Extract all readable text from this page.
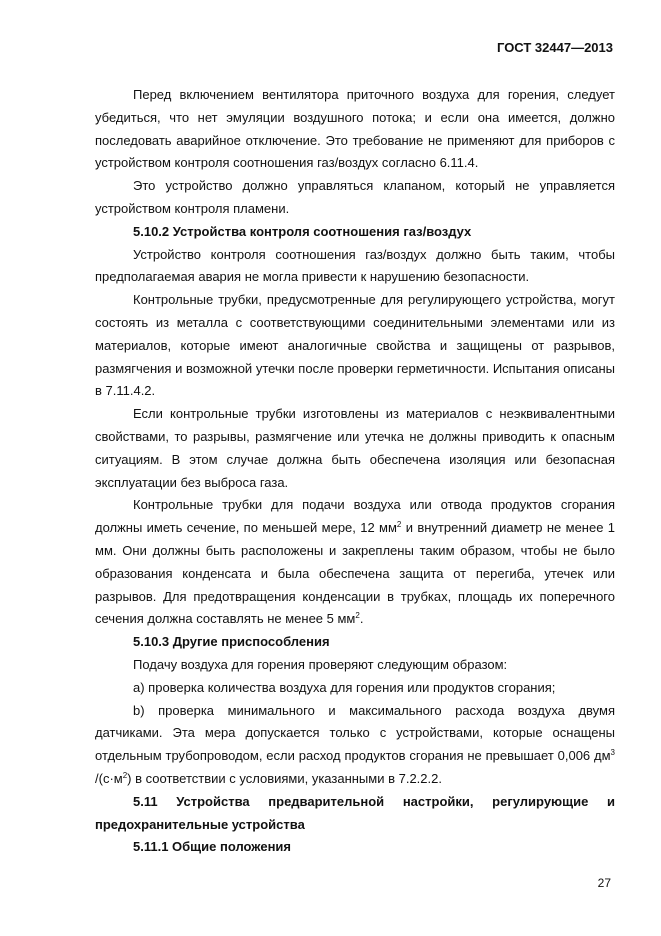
ГОСТ 32447—2013

Перед включением вентилятора приточного воздуха для горения, следует убедиться, что нет эмуляции воздушного потока; и если она имеется, должно последовать аварийное отключение. Это требование не применяют для приборов с устройством контроля соотношения газ/воздух согласно 6.11.4.

Это устройство должно управляться клапаном, который не управляется устройством контроля пламени.

5.10.2 Устройства контроля соотношения газ/воздух

Устройство контроля соотношения газ/воздух должно быть таким, чтобы предполагаемая авария не могла привести к нарушению безопасности.

Контрольные трубки, предусмотренные для регулирующего устройства, могут состоять из металла с соответствующими соединительными элементами или из материалов, которые имеют аналогичные свойства и защищены от разрывов, размягчения и возможной утечки после проверки герметичности. Испытания описаны в 7.11.4.2.

Если контрольные трубки изготовлены из материалов с неэквивалентными свойствами, то разрывы, размягчение или утечка не должны приводить к опасным ситуациям. В этом случае должна быть обеспечена изоляция или безопасная эксплуатации без выброса газа.

Контрольные трубки для подачи воздуха или отвода продуктов сгорания должны иметь сечение, по меньшей мере, 12 $мм^2$ и внутренний диаметр не менее 1 мм. Они должны быть расположены и закреплены таким образом, чтобы не было образования конденсата и была обеспечена защита от перегиба, утечек или разрывов. Для предотвращения конденсации в трубках, площадь их поперечного сечения должна составлять не менее 5 $мм^2$.

5.10.3 Другие приспособления

Подачу воздуха для горения проверяют следующим образом:

а) проверка количества воздуха для горения или продуктов сгорания;

b) проверка минимального и максимального расхода воздуха двумя датчиками. Эта мера допускается только с устройствами, которые оснащены отдельным трубопроводом, если расход продуктов сгорания не превышает 0,006 $дм^3$ $/(с\cdot м^2)$ в соответствии с условиями, указанными в 7.2.2.2.

5.11 Устройства предварительной настройки, регулирующие и предохранительные устройства

5.11.1 Общие положения

27
